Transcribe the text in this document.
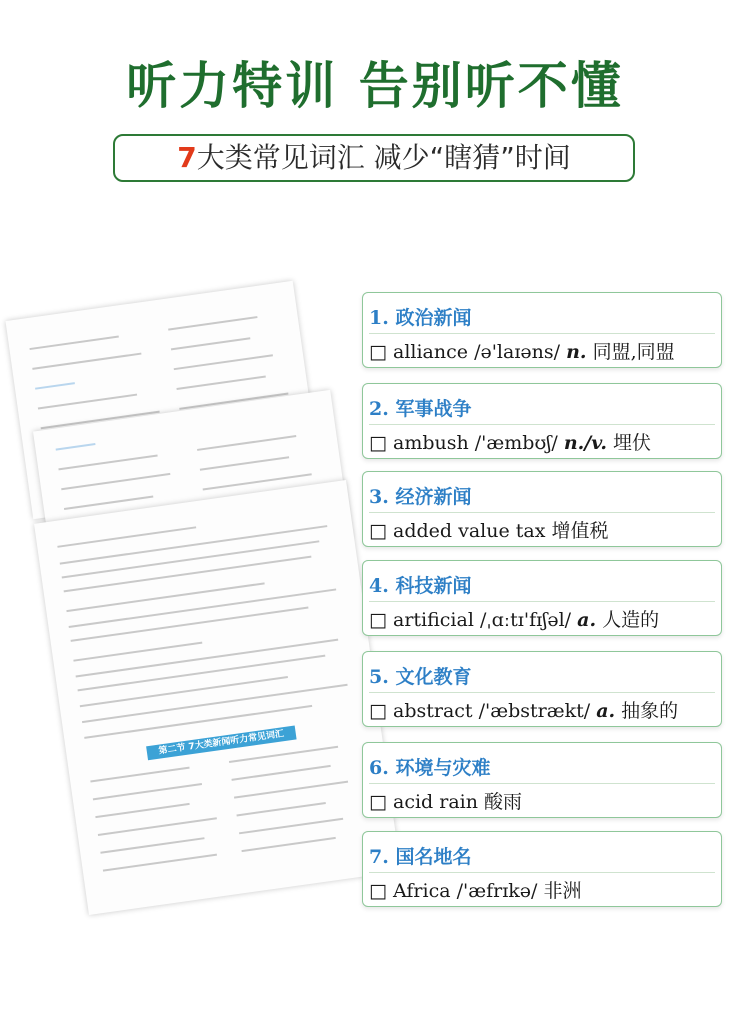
听力特训 告别听不懂
7大类常见词汇 减少“瞎猜”时间
第二节 7大类新闻听力常见词汇
1. 政治新闻
□ alliance /ə'laɪəns/ n. 同盟,同盟
2. 军事战争
□ ambush /'æmbʊʃ/ n./v. 埋伏
3. 经济新闻
□ added value tax 增值税
4. 科技新闻
□ artificial /ˌɑːtɪ'fɪʃəl/ a. 人造的
5. 文化教育
□ abstract /'æbstrækt/ a. 抽象的
6. 环境与灾难
□ acid rain 酸雨
7. 国名地名
□ Africa /'æfrɪkə/ 非洲
